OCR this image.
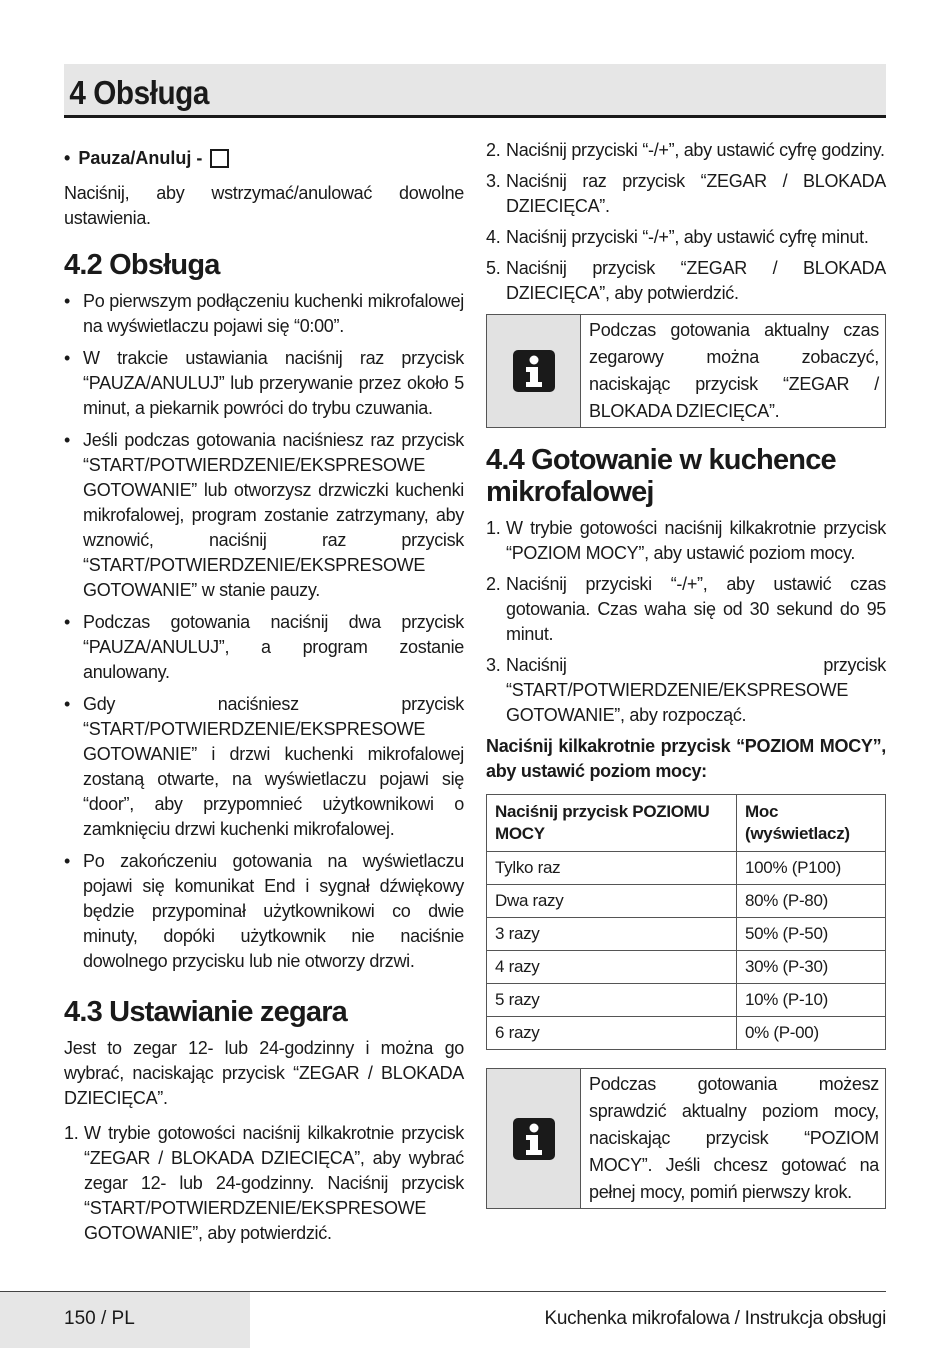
4 Obsługa
• Pauza/Anuluj -

Naciśnij, aby wstrzymać/anulować dowolne ustawienia.

4.2 Obsługa
• Po pierwszym podłączeniu kuchenki mikrofalowej na wyświetlaczu pojawi się “0:00”.
• W trakcie ustawiania naciśnij raz przycisk “PAUZA/ANULUJ” lub przerywanie przez około 5 minut, a piekarnik powróci do trybu czuwania.
• Jeśli podczas gotowania naciśniesz raz przycisk “START/POTWIERDZENIE/EKSPRESOWE GOTOWANIE” lub otworzysz drzwiczki kuchenki mikrofalowej, program zostanie zatrzymany, aby wznowić, naciśnij raz przycisk “START/POTWIERDZENIE/EKSPRESOWE GOTOWANIE” w stanie pauzy.
• Podczas gotowania naciśnij dwa przycisk “PAUZA/ANULUJ”, a program zostanie anulowany.
• Gdy naciśniesz przycisk “START/POTWIERDZENIE/EKSPRESOWE GOTOWANIE” i drzwi kuchenki mikrofalowej zostaną otwarte, na wyświetlaczu pojawi się “door”, aby przypomnieć użytkownikowi o zamknięciu drzwi kuchenki mikrofalowej.
• Po zakończeniu gotowania na wyświetlaczu pojawi się komunikat End i sygnał dźwiękowy będzie przypominał użytkownikowi co dwie minuty, dopóki użytkownik nie naciśnie dowolnego przycisku lub nie otworzy drzwi.
4.3 Ustawianie zegara

Jest to zegar 12- lub 24-godzinny i można go wybrać, naciskając przycisk “ZEGAR / BLOKADA DZIECIĘCA”.

1. W trybie gotowości naciśnij kilkakrotnie przycisk “ZEGAR / BLOKADA DZIECIĘCA”, aby wybrać zegar 12- lub 24-godzinny. Naciśnij przycisk “START/POTWIERDZENIE/EKSPRESOWE GOTOWANIE”, aby potwierdzić.
2. Naciśnij przyciski “-/+”, aby ustawić cyfrę godziny.
3. Naciśnij raz przycisk “ZEGAR / BLOKADA DZIECIĘCA”.
4. Naciśnij przyciski “-/+”, aby ustawić cyfrę minut.
5. Naciśnij przycisk “ZEGAR / BLOKADA DZIECIĘCA”, aby potwierdzić.
Podczas gotowania aktualny czas zegarowy można zobaczyć, naciskając przycisk “ZEGAR / BLOKADA DZIECIĘCA”.
4.4 Gotowanie w kuchence mikrofalowej
1. W trybie gotowości naciśnij kilkakrotnie przycisk “POZIOM MOCY”, aby ustawić poziom mocy.
2. Naciśnij przyciski “-/+”, aby ustawić czas gotowania. Czas waha się od 30 sekund do 95 minut.
3. Naciśnij przycisk “START/POTWIERDZENIE/EKSPRESOWE GOTOWANIE”, aby rozpocząć.

Naciśnij kilkakrotnie przycisk “POZIOM MOCY”, aby ustawić poziom mocy:

Naciśnij przycisk POZIOMU MOCY	Moc (wyświetlacz)
Tylko raz	100% (P100)
Dwa razy	80% (P-80)
3 razy	50% (P-50)
4 razy	30% (P-30)
5 razy	10% (P-10)
6 razy	0% (P-00)
Podczas gotowania możesz sprawdzić aktualny poziom mocy, naciskając przycisk “POZIOM MOCY”. Jeśli chcesz gotować na pełnej mocy, pomiń pierwszy krok.
150 / PL	Kuchenka mikrofalowa / Instrukcja obsługi
